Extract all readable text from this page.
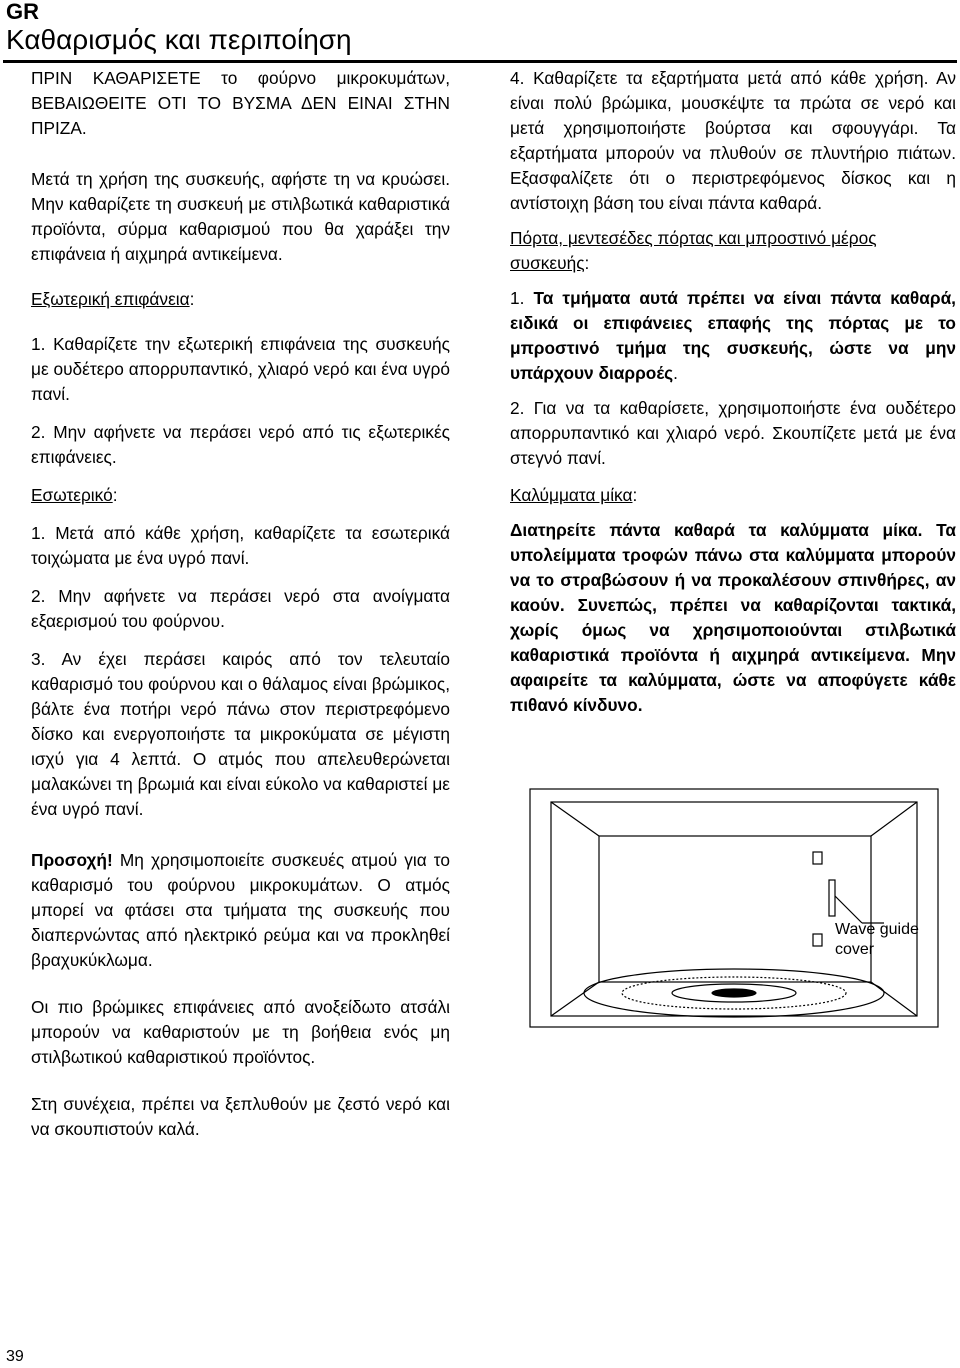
GR
Καθαρισμός και περιποίηση

ΠΡΙΝ ΚΑΘΑΡΙΣΕΤΕ το φούρνο μικροκυμάτων, ΒΕΒΑΙΩΘΕΙΤΕ ΟΤΙ ΤΟ ΒΥΣΜΑ ΔΕΝ ΕΙΝΑΙ ΣΤΗΝ ΠΡΙΖΑ.

Μετά τη χρήση της συσκευής, αφήστε τη να κρυώσει. Μην καθαρίζετε τη συσκευή με στιλβωτικά καθαριστικά προϊόντα, σύρμα καθαρισμού που θα χαράξει την επιφάνεια ή αιχμηρά αντικείμενα.

Εξωτερική επιφάνεια:

1. Καθαρίζετε την εξωτερική επιφάνεια της συσκευής με ουδέτερο απορρυπαντικό, χλιαρό νερό και ένα υγρό πανί.

2. Μην αφήνετε να περάσει νερό από τις εξωτερικές επιφάνειες.

Εσωτερικό:

1. Μετά από κάθε χρήση, καθαρίζετε τα εσωτερικά τοιχώματα με ένα υγρό πανί.

2. Μην αφήνετε να περάσει νερό στα ανοίγματα εξαερισμού του φούρνου.

3. Αν έχει περάσει καιρός από τον τελευταίο καθαρισμό του φούρνου και ο θάλαμος είναι βρώμικος, βάλτε ένα ποτήρι νερό πάνω στον περιστρεφόμενο δίσκο και ενεργοποιήστε τα μικροκύματα σε μέγιστη ισχύ για 4 λεπτά. Ο ατμός που απελευθερώνεται μαλακώνει τη βρωμιά και είναι εύκολο να καθαριστεί με ένα υγρό πανί.

Προσοχή! Μη χρησιμοποιείτε συσκευές ατμού για το καθαρισμό του φούρνου μικροκυμάτων. Ο ατμός μπορεί να φτάσει στα τμήματα της συσκευής που διαπερνώντας από ηλεκτρικό ρεύμα και να προκληθεί βραχυκύκλωμα.

Οι πιο βρώμικες επιφάνειες από ανοξείδωτο ατσάλι μπορούν να καθαριστούν με τη βοήθεια ενός μη στιλβωτικού καθαριστικού προϊόντος.

Στη συνέχεια, πρέπει να ξεπλυθούν με ζεστό νερό και να σκουπιστούν καλά.

4. Καθαρίζετε τα εξαρτήματα μετά από κάθε χρήση. Αν είναι πολύ βρώμικα, μουσκέψτε τα πρώτα σε νερό και μετά χρησιμοποιήστε βούρτσα και σφουγγάρι. Τα εξαρτήματα μπορούν να πλυθούν σε πλυντήριο πιάτων. Εξασφαλίζετε ότι ο περιστρεφόμενος δίσκος και η αντίστοιχη βάση του είναι πάντα καθαρά.

Πόρτα, μεντεσέδες πόρτας και μπροστινό μέρος συσκευής:

1. Τα τμήματα αυτά πρέπει να είναι πάντα καθαρά, ειδικά οι επιφάνειες επαφής της πόρτας με το μπροστινό τμήμα της συσκευής, ώστε να μην υπάρχουν διαρροές.

2. Για να τα καθαρίσετε, χρησιμοποιήστε ένα ουδέτερο απορρυπαντικό και χλιαρό νερό. Σκουπίζετε μετά με ένα στεγνό πανί.

Καλύμματα μίκα:

Διατηρείτε πάντα καθαρά τα καλύμματα μίκα. Τα υπολείμματα τροφών πάνω στα καλύμματα μπορούν να το στραβώσουν ή να προκαλέσουν σπινθήρες, αν καούν. Συνεπώς, πρέπει να καθαρίζονται τακτικά, χωρίς όμως να χρησιμοποιούνται στιλβωτικά καθαριστικά προϊόντα ή αιχμηρά αντικείμενα. Μην αφαιρείτε τα καλύμματα, ώστε να αποφύγετε κάθε πιθανό κίνδυνο.

Wave guide
cover
39
